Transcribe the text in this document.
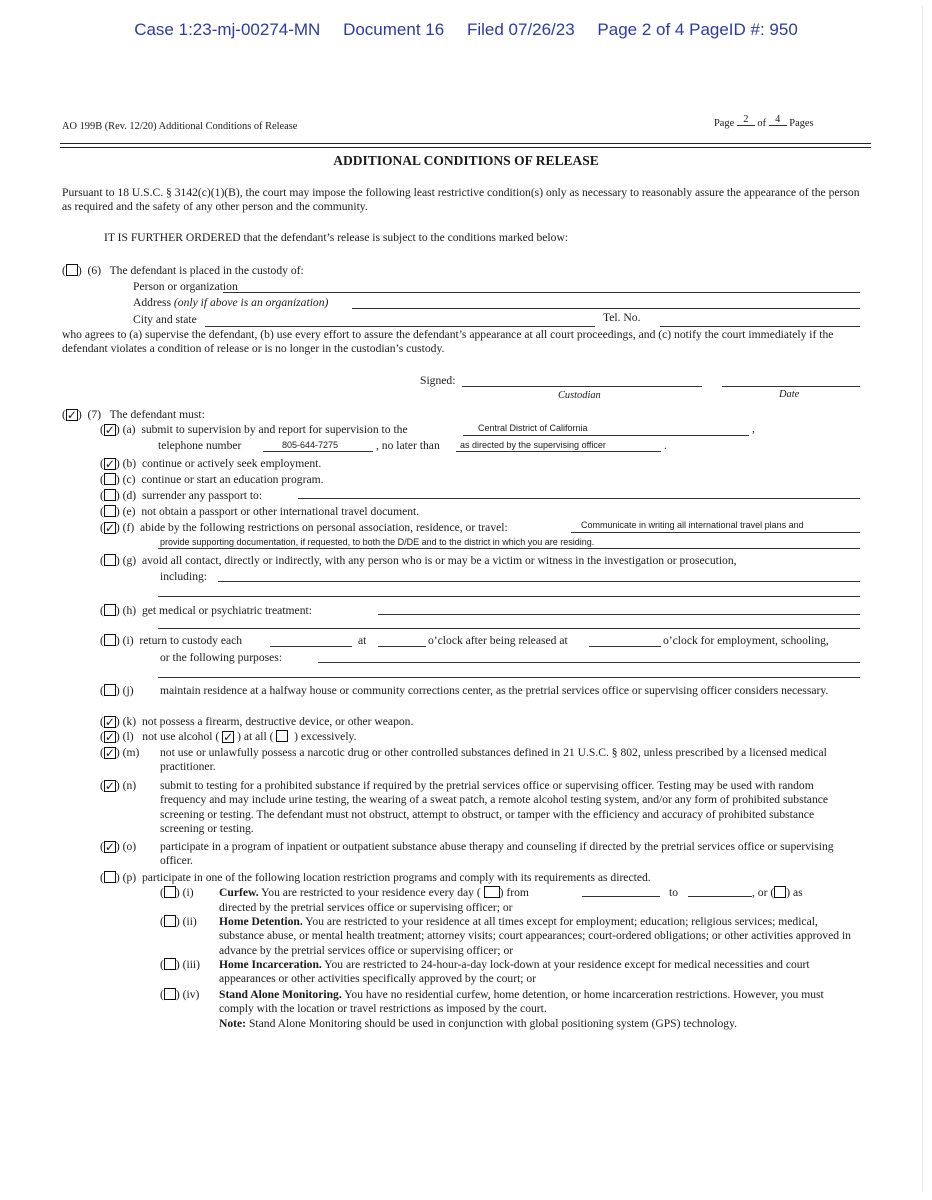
Case 1:23-mj-00274-MN Document 16 Filed 07/26/23 Page 2 of 4 PageID #: 950
AO 199B (Rev. 12/20) Additional Conditions of Release	Page 2 of 4 Pages
ADDITIONAL CONDITIONS OF RELEASE
Pursuant to 18 U.S.C. § 3142(c)(1)(B), the court may impose the following least restrictive condition(s) only as necessary to reasonably assure the appearance of the person as required and the safety of any other person and the community.
IT IS FURTHER ORDERED that the defendant’s release is subject to the conditions marked below:
( )  (6) The defendant is placed in the custody of:
Person or organization
Address (only if above is an organization)
City and state	Tel. No.
who agrees to (a) supervise the defendant, (b) use every effort to assure the defendant’s appearance at all court proceedings, and (c) notify the court immediately if the defendant violates a condition of release or is no longer in the custodian’s custody.
Signed:
Custodian	Date
( ✓ )  (7) The defendant must:
( ✓ ) (a) submit to supervision by and report for supervision to the	Central District of California	,
telephone number	805-644-7275	, no later than as directed by the supervising officer	.
( ✓ ) (b) continue or actively seek employment.
( ) (c) continue or start an education program.
( ) (d) surrender any passport to:
( ) (e) not obtain a passport or other international travel document.
( ✓ ) (f) abide by the following restrictions on personal association, residence, or travel:	Communicate in writing all international travel plans and
provide supporting documentation, if requested, to both the D/DE and to the district in which you are residing.
( ) (g) avoid all contact, directly or indirectly, with any person who is or may be a victim or witness in the investigation or prosecution,
including:
( ) (h) get medical or psychiatric treatment:
( ) (i) return to custody each	at	o’clock after being released at	o’clock for employment, schooling,
or the following purposes:
( ) (j) maintain residence at a halfway house or community corrections center, as the pretrial services office or supervising officer considers necessary.
( ✓ ) (k) not possess a firearm, destructive device, or other weapon.
( ✓ ) (l) not use alcohol ( ✓ ) at all ( ) excessively.
( ✓ ) (m) not use or unlawfully possess a narcotic drug or other controlled substances defined in 21 U.S.C. § 802, unless prescribed by a licensed medical practitioner.
( ✓ ) (n) submit to testing for a prohibited substance if required by the pretrial services office or supervising officer. Testing may be used with random frequency and may include urine testing, the wearing of a sweat patch, a remote alcohol testing system, and/or any form of prohibited substance screening or testing. The defendant must not obstruct, attempt to obstruct, or tamper with the efficiency and accuracy of prohibited substance screening or testing.
( ✓ ) (o) participate in a program of inpatient or outpatient substance abuse therapy and counseling if directed by the pretrial services office or supervising officer.
( ) (p) participate in one of the following location restriction programs and comply with its requirements as directed.
( ) (i) Curfew. You are restricted to your residence every day ( ) from	to	, or ( ) as
directed by the pretrial services office or supervising officer; or
( ) (ii) Home Detention. You are restricted to your residence at all times except for employment; education; religious services; medical, substance abuse, or mental health treatment; attorney visits; court appearances; court-ordered obligations; or other activities approved in advance by the pretrial services office or supervising officer; or
( ) (iii) Home Incarceration. You are restricted to 24-hour-a-day lock-down at your residence except for medical necessities and court appearances or other activities specifically approved by the court; or
( ) (iv) Stand Alone Monitoring. You have no residential curfew, home detention, or home incarceration restrictions. However, you must comply with the location or travel restrictions as imposed by the court.
Note: Stand Alone Monitoring should be used in conjunction with global positioning system (GPS) technology.
